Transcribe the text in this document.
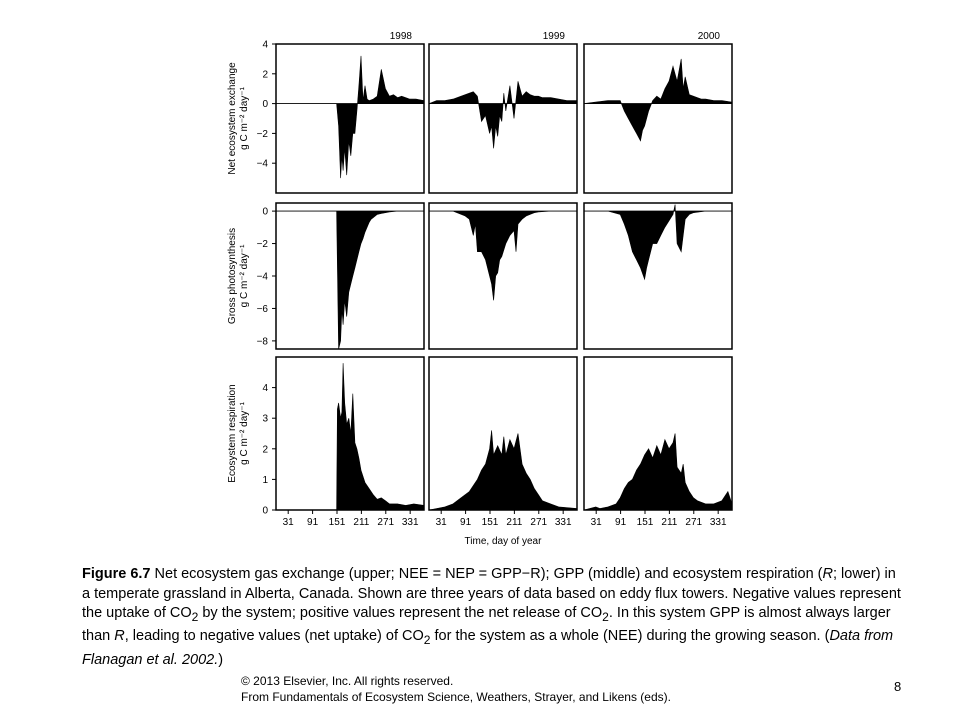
1998	1999	2000
4
2
0
−2
−4
Net ecosystem exchangeg C m⁻² day⁻¹
0
−2
−4
−6
−8
Gross photosynthesisg C m⁻² day⁻¹
31 91 151 211 271 331 31 91 151 211 271 331 31 91 151 211 271 331
0
1
2
3
4
Ecosystem respirationg C m⁻² day⁻¹
Time, day of year
Figure 6.7 Net ecosystem gas exchange (upper; NEE = NEP = GPP−R); GPP (middle) and ecosystem respiration (R; lower) in a temperate grassland in Alberta, Canada. Shown are three years of data based on eddy flux towers. Negative values represent the uptake of $CO_2$ by the system; positive values represent the net release of $CO_2$. In this system GPP is almost always larger than R, leading to negative values (net uptake) of $CO_2$ for the system as a whole (NEE) during the growing season. (Data from Flanagan et al. 2002.)
© 2013 Elsevier, Inc. All rights reserved.
From Fundamentals of Ecosystem Science, Weathers, Strayer, and Likens (eds).
8
